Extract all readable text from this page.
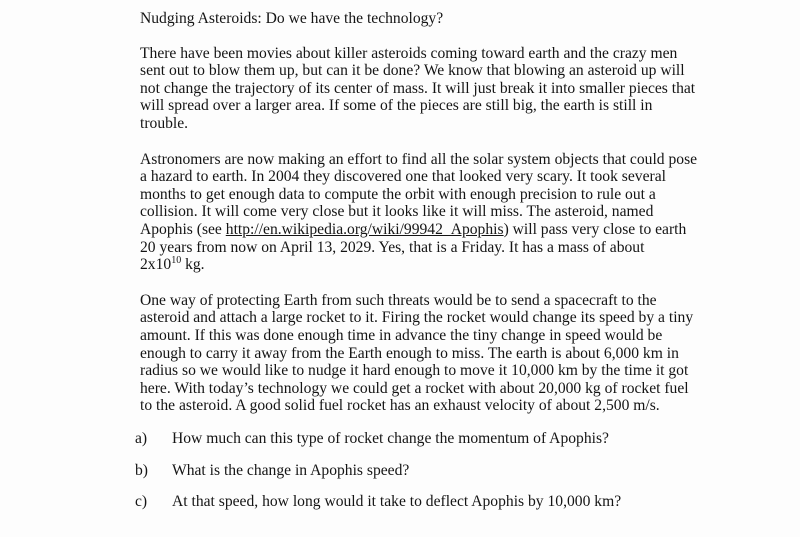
Nudging Asteroids: Do we have the technology?
There have been movies about killer asteroids coming toward earth and the crazy men
sent out to blow them up, but can it be done? We know that blowing an asteroid up will
not change the trajectory of its center of mass. It will just break it into smaller pieces that
will spread over a larger area. If some of the pieces are still big, the earth is still in
trouble.
Astronomers are now making an effort to find all the solar system objects that could pose
a hazard to earth. In 2004 they discovered one that looked very scary. It took several
months to get enough data to compute the orbit with enough precision to rule out a
collision. It will come very close but it looks like it will miss. The asteroid, named
Apophis (see http://en.wikipedia.org/wiki/99942_Apophis) will pass very close to earth
20 years from now on April 13, 2029. Yes, that is a Friday. It has a mass of about
$2x10^{10}$ kg.
One way of protecting Earth from such threats would be to send a spacecraft to the
asteroid and attach a large rocket to it. Firing the rocket would change its speed by a tiny
amount. If this was done enough time in advance the tiny change in speed would be
enough to carry it away from the Earth enough to miss. The earth is about 6,000 km in
radius so we would like to nudge it hard enough to move it 10,000 km by the time it got
here. With today’s technology we could get a rocket with about 20,000 kg of rocket fuel
to the asteroid. A good solid fuel rocket has an exhaust velocity of about 2,500 m/s.
a) How much can this type of rocket change the momentum of Apophis?
b) What is the change in Apophis speed?
c) At that speed, how long would it take to deflect Apophis by 10,000 km?
